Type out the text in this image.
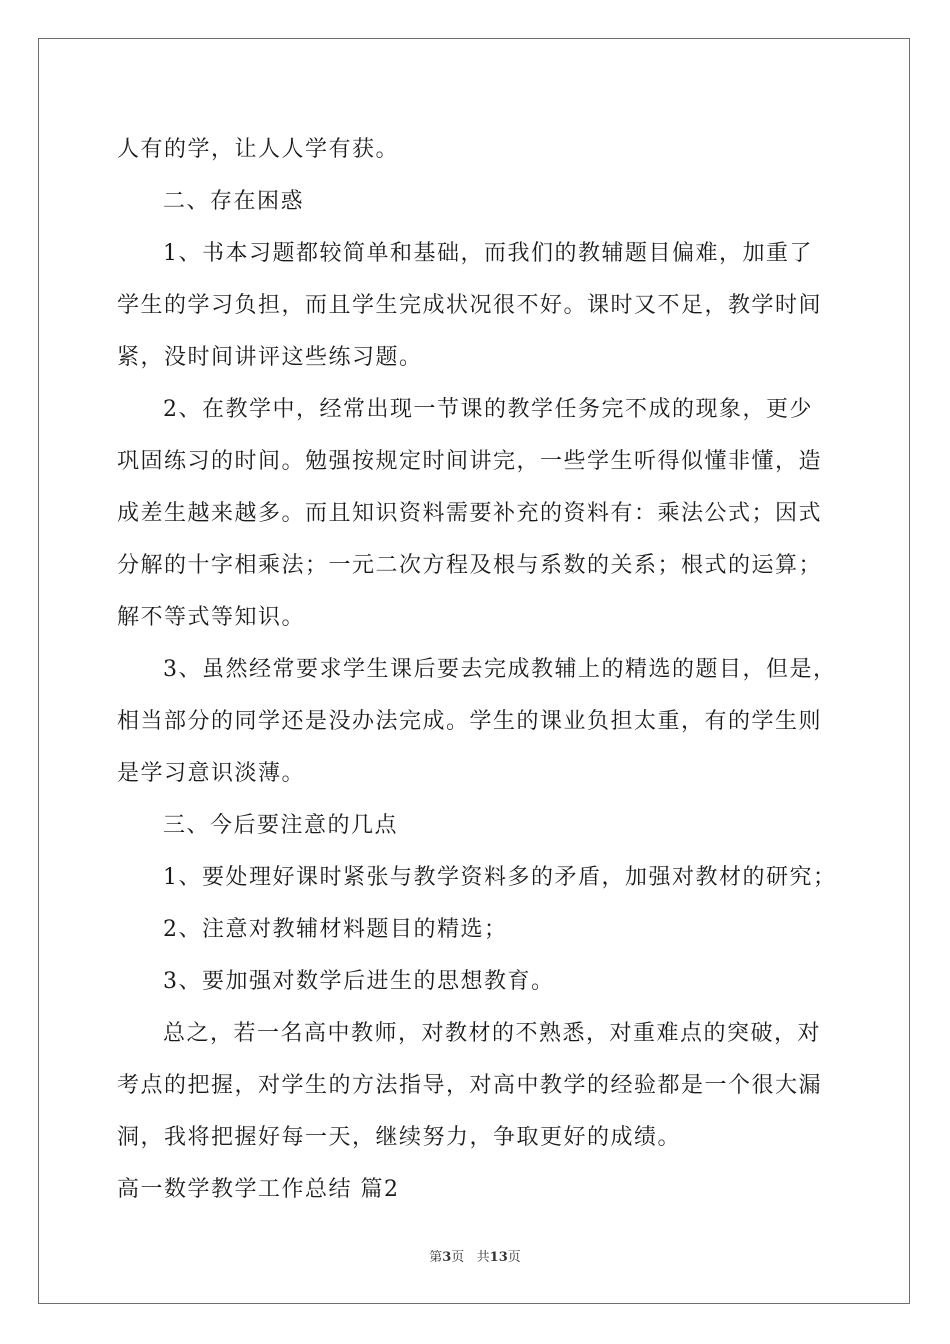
人有的学，让人人学有获。
二、存在困惑
1、书本习题都较简单和基础，而我们的教辅题目偏难，加重了
学生的学习负担，而且学生完成状况很不好。课时又不足，教学时间
紧，没时间讲评这些练习题。
2、在教学中，经常出现一节课的教学任务完不成的现象，更少
巩固练习的时间。勉强按规定时间讲完，一些学生听得似懂非懂，造
成差生越来越多。而且知识资料需要补充的资料有：乘法公式；因式
分解的十字相乘法；一元二次方程及根与系数的关系；根式的运算；
解不等式等知识。
3、虽然经常要求学生课后要去完成教辅上的精选的题目，但是，
相当部分的同学还是没办法完成。学生的课业负担太重，有的学生则
是学习意识淡薄。
三、今后要注意的几点
1、要处理好课时紧张与教学资料多的矛盾，加强对教材的研究；
2、注意对教辅材料题目的精选；
3、要加强对数学后进生的思想教育。
总之，若一名高中教师，对教材的不熟悉，对重难点的突破，对
考点的把握，对学生的方法指导，对高中教学的经验都是一个很大漏
洞，我将把握好每一天，继续努力，争取更好的成绩。
高一数学教学工作总结 篇2
第3页   共13页
